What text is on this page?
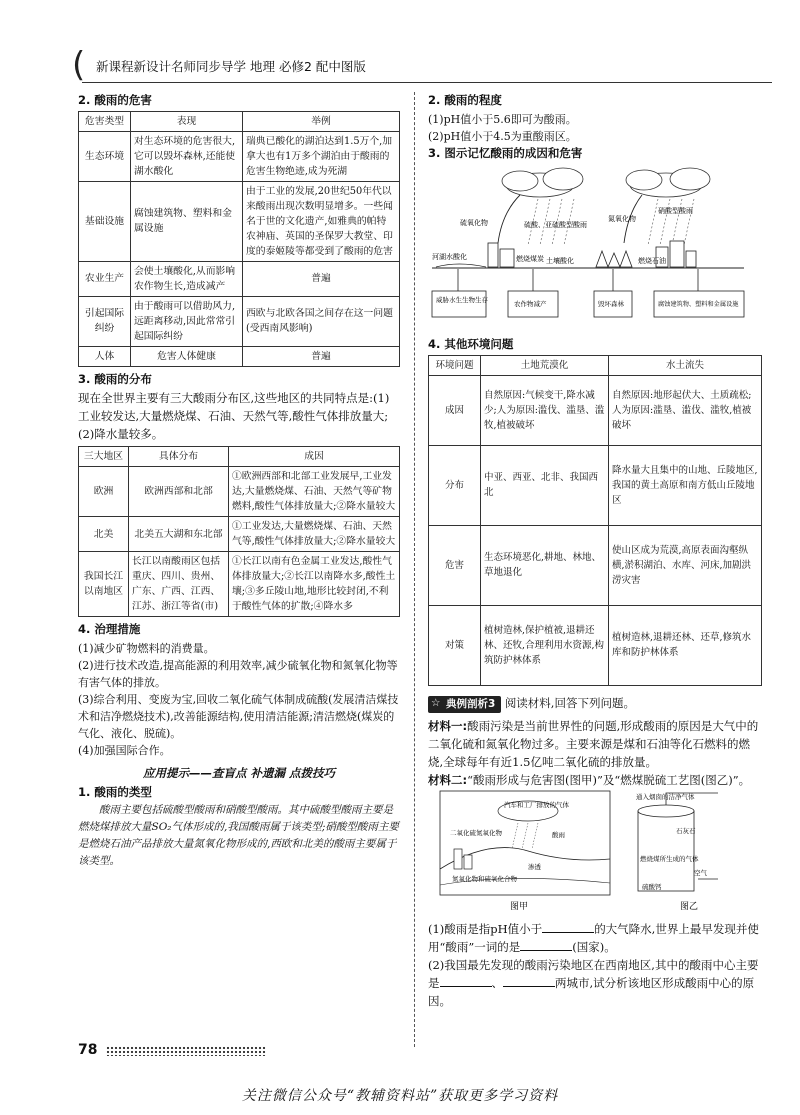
( 新课程新设计名师同步导学 地理 必修2 配中图版
2. 酸雨的危害
危害类型	表现	举例
生态环境	对生态环境的危害很大,它可以毁坏森林,还能使湖水酸化	瑞典已酸化的湖泊达到1.5万个,加拿大也有1万多个湖泊由于酸雨的危害生物绝迹,成为死湖
基础设施	腐蚀建筑物、塑料和金属设施	由于工业的发展,20世纪50年代以来酸雨出现次数明显增多。一些闻名于世的文化遗产,如雅典的帕特农神庙、英国的圣保罗大教堂、印度的泰姬陵等都受到了酸雨的危害
农业生产	会使土壤酸化,从而影响农作物生长,造成减产	普遍
引起国际纠纷	由于酸雨可以借助风力,远距离移动,因此常常引起国际纠纷	西欧与北欧各国之间存在这一问题(受西南风影响)
人体	危害人体健康	普遍
3. 酸雨的分布

现在全世界主要有三大酸雨分布区,这些地区的共同特点是:(1)工业较发达,大量燃烧煤、石油、天然气等,酸性气体排放量大;(2)降水量较多。

三大地区	具体分布	成因
欧洲	欧洲西部和北部	①欧洲西部和北部工业发展早,工业发达,大量燃烧煤、石油、天然气等矿物燃料,酸性气体排放量大;②降水量较大
北美	北美五大湖和东北部	①工业发达,大量燃烧煤、石油、天然气等,酸性气体排放量大;②降水量较大
我国长江以南地区	长江以南酸雨区包括重庆、四川、贵州、广东、广西、江西、江苏、浙江等省(市)	①长江以南有色金属工业发达,酸性气体排放量大;②长江以南降水多,酸性土壤;③多丘陵山地,地形比较封闭,不利于酸性气体的扩散;④降水多
4. 治理措施

(1)减少矿物燃料的消费量。

(2)进行技术改造,提高能源的利用效率,减少硫氧化物和氮氧化物等有害气体的排放。

(3)综合利用、变废为宝,回收二氧化硫气体制成硫酸(发展清洁煤技术和洁净燃烧技术),改善能源结构,使用清洁能源;清洁燃烧(煤炭的气化、液化、脱硫)。

(4)加强国际合作。

应用提示——查盲点 补遗漏 点拨技巧
1. 酸雨的类型

酸雨主要包括硫酸型酸雨和硝酸型酸雨。其中硫酸型酸雨主要是燃烧煤排放大量SO₂气体形成的,我国酸雨属于该类型;硝酸型酸雨主要是燃烧石油产品排放大量氮氧化物形成的,西欧和北美的酸雨主要属于该类型。

2. 酸雨的程度

(1)pH值小于5.6即可为酸雨。

(2)pH值小于4.5为重酸雨区。

3. 图示记忆酸雨的成因和危害
硫氧化物	硫酸、亚硫酸型酸雨
氮氧化物
硝酸型酸雨
河湖水酸化	燃烧煤炭 土壤酸化	燃烧石油
威胁水生生物生存	农作物减产	毁坏森林	腐蚀建筑物、塑料和金属设施
4. 其他环境问题
环境问题	土地荒漠化	水土流失
成因	自然原因:气候变干,降水减少;人为原因:滥伐、滥垦、滥牧,植被破坏	自然原因:地形起伏大、土质疏松;人为原因:滥垦、滥伐、滥牧,植被破坏
分布	中亚、西亚、北非、我国西北	降水量大且集中的山地、丘陵地区,我国的黄土高原和南方低山丘陵地区
危害	生态环境恶化,耕地、林地、草地退化	使山区成为荒漠,高原表面沟壑纵横,淤积湖泊、水库、河床,加剧洪涝灾害
对策	植树造林,保护植被,退耕还林、还牧,合理利用水资源,构筑防护林体系	植树造林,退耕还林、还草,修筑水库和防护林体系
☆ 典例剖析3 阅读材料,回答下列问题。

材料一:酸雨污染是当前世界性的问题,形成酸雨的原因是大气中的二氧化硫和氮氧化物过多。主要来源是煤和石油等化石燃料的燃烧,全球每年有近1.5亿吨二氧化硫的排放量。

材料二:“酸雨形成与危害图(图甲)”及“燃煤脱硫工艺图(图乙)”。

汽车和工厂排放的气体
二氧化硫氮氧化物	酸雨
渗透
氮氧化物和硫氧化合物
图甲
通入烟囱的洁净气体
石灰石
燃烧煤所生成的气体
空气
硫酸钙
图乙

(1)酸雨是指pH值小于	的大气降水,世界上最早发现并使用“酸雨”一词的是	(国家)。

(2)我国最先发现的酸雨污染地区在西南地区,其中的酸雨中心主要是	、	两城市,试分析该地区形成酸雨中心的原因。

78
关注微信公众号“教辅资料站”获取更多学习资料
